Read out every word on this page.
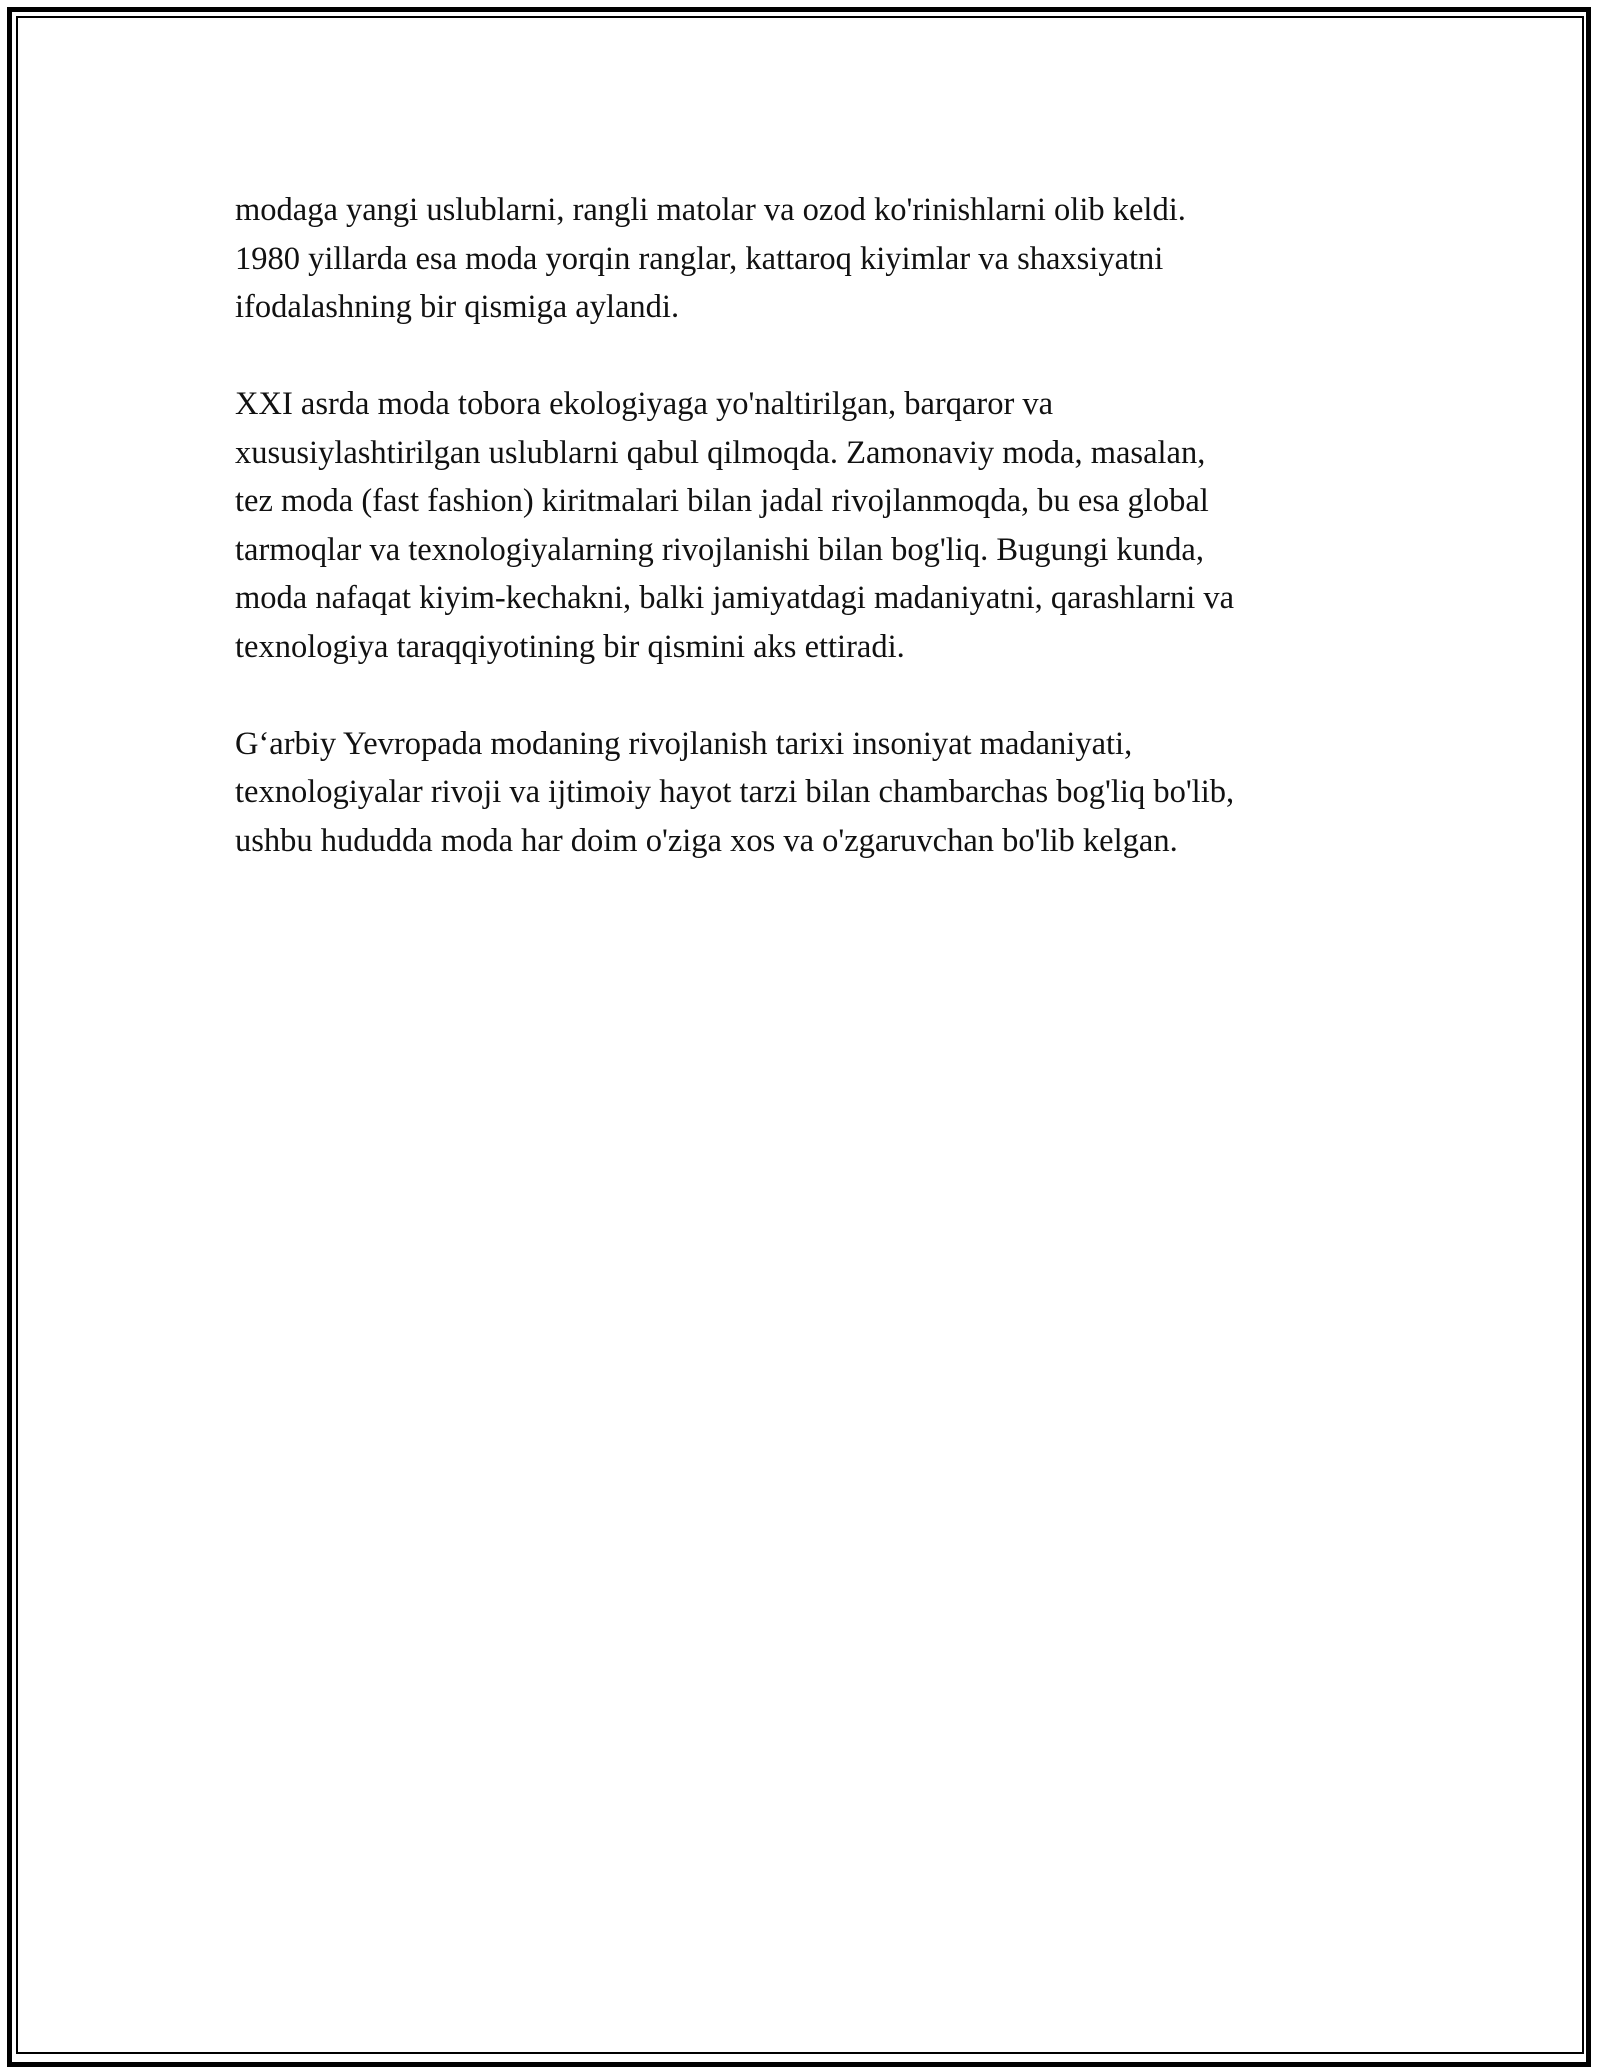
modaga yangi uslublarni, rangli matolar va ozod ko'rinishlarni olib keldi.
1980 yillarda esa moda yorqin ranglar, kattaroq kiyimlar va shaxsiyatni
ifodalashning bir qismiga aylandi.

XXI asrda moda tobora ekologiyaga yo'naltirilgan, barqaror va
xususiylashtirilgan uslublarni qabul qilmoqda. Zamonaviy moda, masalan,
tez moda (fast fashion) kiritmalari bilan jadal rivojlanmoqda, bu esa global
tarmoqlar va texnologiyalarning rivojlanishi bilan bog'liq. Bugungi kunda,
moda nafaqat kiyim-kechakni, balki jamiyatdagi madaniyatni, qarashlarni va
texnologiya taraqqiyotining bir qismini aks ettiradi.

G‘arbiy Yevropada modaning rivojlanish tarixi insoniyat madaniyati,
texnologiyalar rivoji va ijtimoiy hayot tarzi bilan chambarchas bog'liq bo'lib,
ushbu hududda moda har doim o'ziga xos va o'zgaruvchan bo'lib kelgan.
